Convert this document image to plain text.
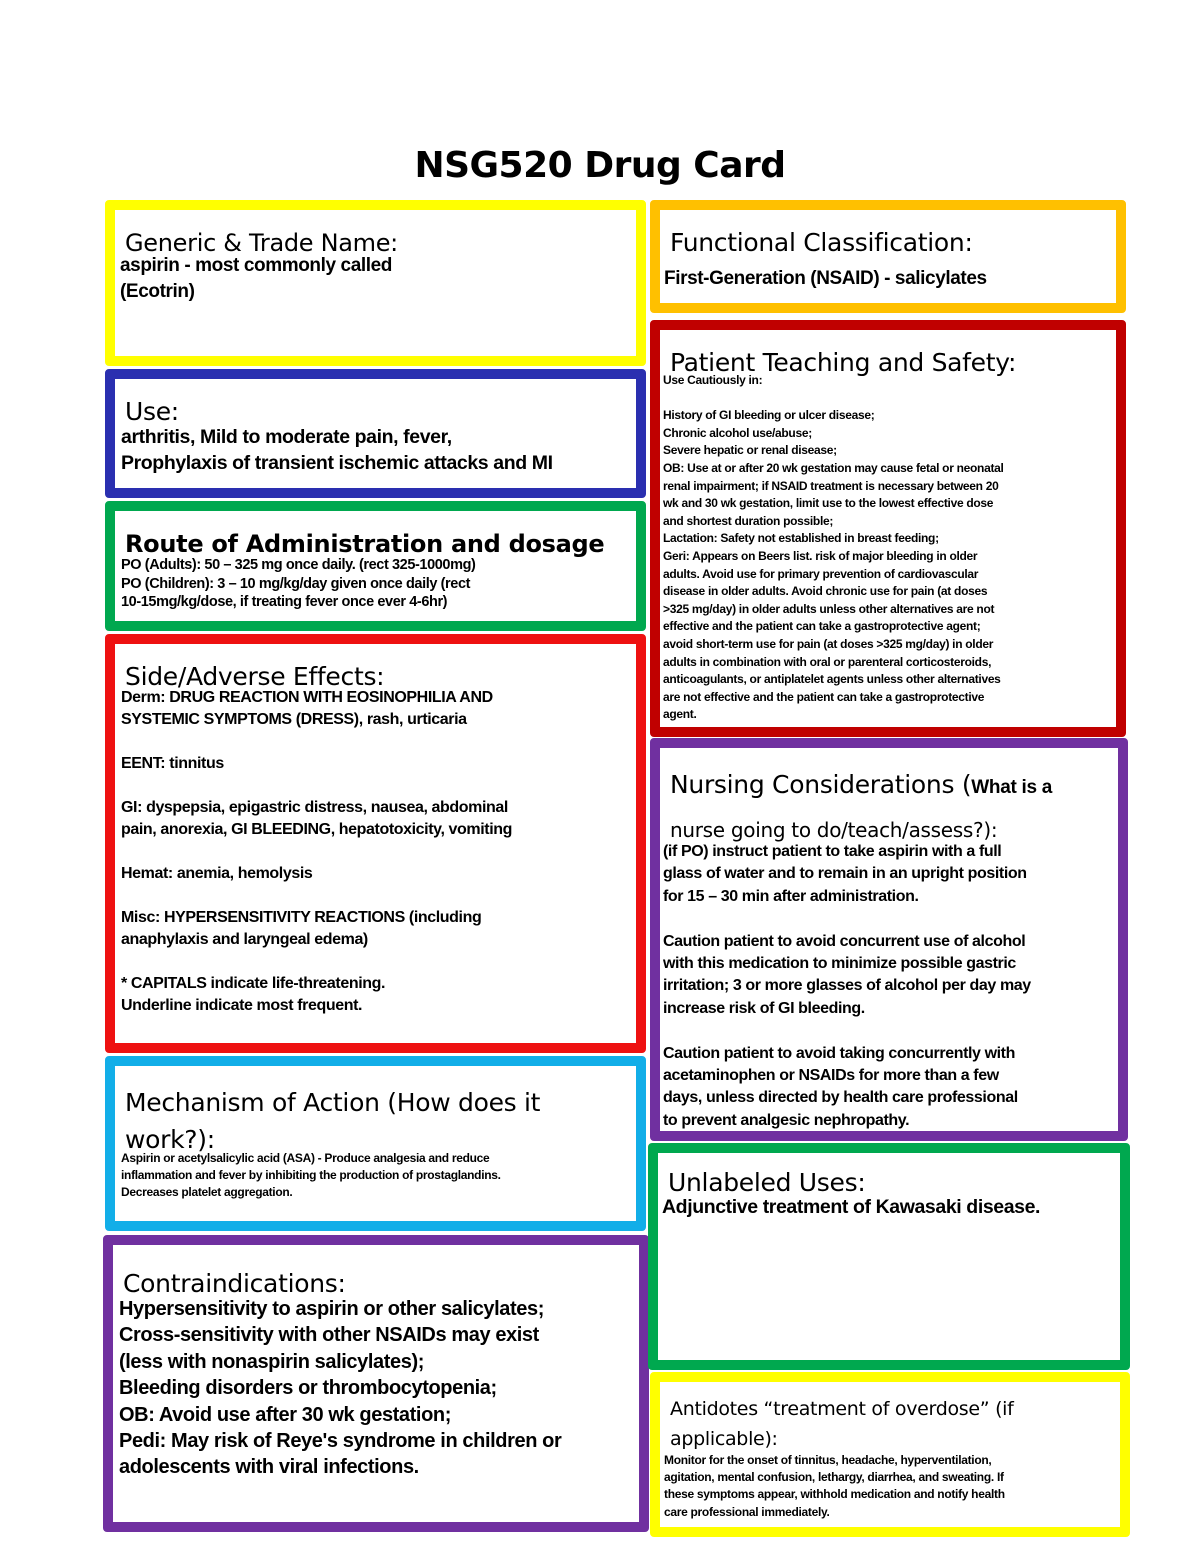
NSG520 Drug Card
Generic & Trade Name:
aspirin - most commonly called
(Ecotrin)
Use:
arthritis, Mild to moderate pain, fever,
Prophylaxis of transient ischemic attacks and MI
Route of Administration and dosage
PO (Adults): 50 – 325 mg once daily. (rect 325-1000mg)
PO (Children): 3 – 10 mg/kg/day given once daily (rect
10-15mg/kg/dose, if treating fever once ever 4-6hr)
Side/Adverse Effects:
Derm: DRUG REACTION WITH EOSINOPHILIA AND
SYSTEMIC SYMPTOMS (DRESS), rash, urticaria

EENT: tinnitus

GI: dyspepsia, epigastric distress, nausea, abdominal
pain, anorexia, GI BLEEDING, hepatotoxicity, vomiting

Hemat: anemia, hemolysis

Misc: HYPERSENSITIVITY REACTIONS (including
anaphylaxis and laryngeal edema)

* CAPITALS indicate life-threatening.
Underline indicate most frequent.
Mechanism of Action (How does it work?):
Aspirin or acetylsalicylic acid (ASA) - Produce analgesia and reduce
inflammation and fever by inhibiting the production of prostaglandins.
Decreases platelet aggregation.
Contraindications:
Hypersensitivity to aspirin or other salicylates;
Cross-sensitivity with other NSAIDs may exist
(less with nonaspirin salicylates);
Bleeding disorders or thrombocytopenia;
OB: Avoid use after 30 wk gestation;
Pedi: May risk of Reye's syndrome in children or
adolescents with viral infections.
Functional Classification:
First-Generation (NSAID) - salicylates
Patient Teaching and Safety:
Use Cautiously in:

History of GI bleeding or ulcer disease;
Chronic alcohol use/abuse;
Severe hepatic or renal disease;
OB: Use at or after 20 wk gestation may cause fetal or neonatal
renal impairment; if NSAID treatment is necessary between 20
wk and 30 wk gestation, limit use to the lowest effective dose
and shortest duration possible;
Lactation: Safety not established in breast feeding;
Geri: Appears on Beers list. risk of major bleeding in older
adults. Avoid use for primary prevention of cardiovascular
disease in older adults. Avoid chronic use for pain (at doses
>325 mg/day) in older adults unless other alternatives are not
effective and the patient can take a gastroprotective agent;
avoid short-term use for pain (at doses >325 mg/day) in older
adults in combination with oral or parenteral corticosteroids,
anticoagulants, or antiplatelet agents unless other alternatives
are not effective and the patient can take a gastroprotective
agent.
Nursing Considerations (What is a
nurse going to do/teach/assess?):
(if PO) instruct patient to take aspirin with a full
glass of water and to remain in an upright position
for 15 – 30 min after administration.

Caution patient to avoid concurrent use of alcohol
with this medication to minimize possible gastric
irritation; 3 or more glasses of alcohol per day may
increase risk of GI bleeding.

Caution patient to avoid taking concurrently with
acetaminophen or NSAIDs for more than a few
days, unless directed by health care professional
to prevent analgesic nephropathy.
Unlabeled Uses:
Adjunctive treatment of Kawasaki disease.
Antidotes “treatment of overdose” (if applicable):
Monitor for the onset of tinnitus, headache, hyperventilation,
agitation, mental confusion, lethargy, diarrhea, and sweating. If
these symptoms appear, withhold medication and notify health
care professional immediately.
